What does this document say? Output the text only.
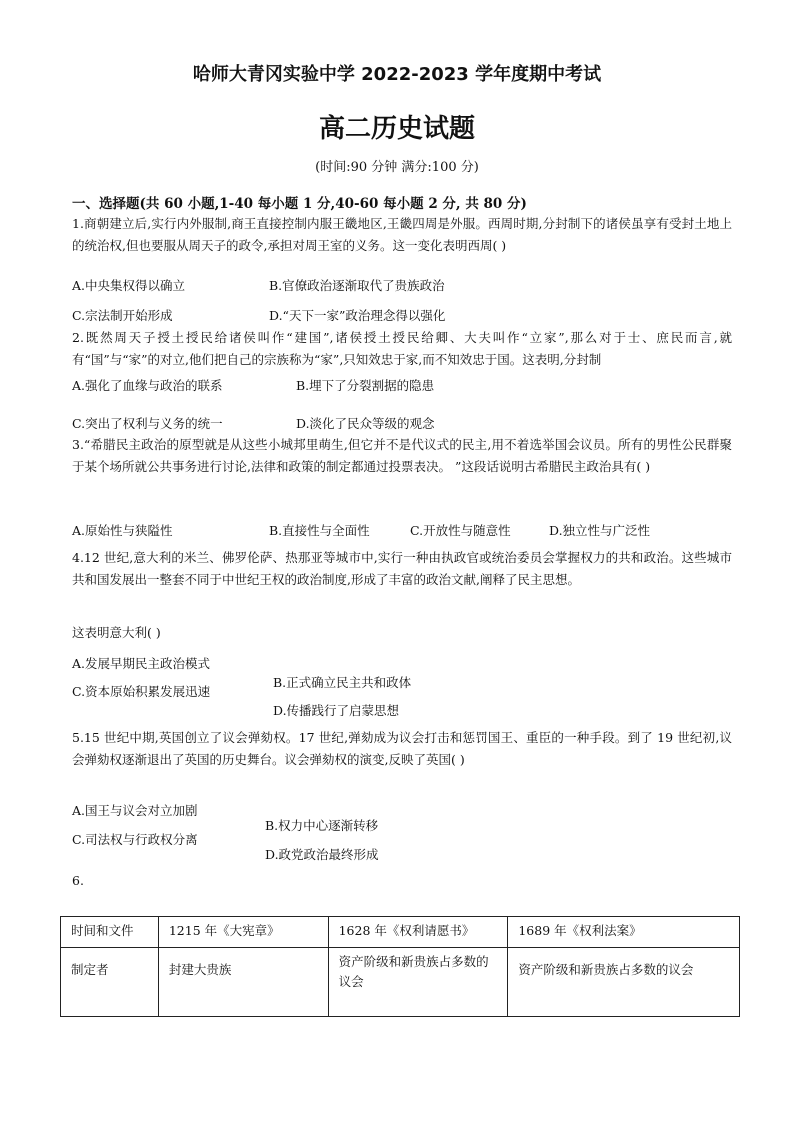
哈师大青冈实验中学 2022-2023 学年度期中考试
高二历史试题
(时间:90 分钟 满分:100 分)
一、选择题(共 60 小题,1-40 每小题 1 分,40-60 每小题 2 分, 共 80 分)
1.商朝建立后,实行内外服制,商王直接控制内服王畿地区,王畿四周是外服。西周时期,分封制下的诸侯虽享有受封土地上的统治权,但也要服从周天子的政令,承担对周王室的义务。这一变化表明西周( )
A.中央集权得以确立	B.官僚政治逐渐取代了贵族政治
C.宗法制开始形成	D.“天下一家”政治理念得以强化
2.既然周天子授土授民给诸侯叫作“建国”,诸侯授土授民给卿、大夫叫作“立家”,那么对于士、庶民而言,就有“国”与“家”的对立,他们把自己的宗族称为“家”,只知效忠于家,而不知效忠于国。这表明,分封制
A.强化了血缘与政治的联系	B.埋下了分裂割据的隐患
C.突出了权利与义务的统一	D.淡化了民众等级的观念
3.“希腊民主政治的原型就是从这些小城邦里萌生,但它并不是代议式的民主,用不着选举国会议员。所有的男性公民群聚于某个场所就公共事务进行讨论,法律和政策的制定都通过投票表决。 ”这段话说明古希腊民主政治具有( )
A.原始性与狭隘性	B.直接性与全面性	C.开放性与随意性	D.独立性与广泛性
4.12 世纪,意大利的米兰、佛罗伦萨、热那亚等城市中,实行一种由执政官或统治委员会掌握权力的共和政治。这些城市共和国发展出一整套不同于中世纪王权的政治制度,形成了丰富的政治文献,阐释了民主思想。
这表明意大利( )
A.发展早期民主政治模式
C.资本原始积累发展迅速
B.正式确立民主共和政体
D.传播践行了启蒙思想
5.15 世纪中期,英国创立了议会弹劾权。17 世纪,弹劾成为议会打击和惩罚国王、重臣的一种手段。到了 19 世纪初,议会弹劾权逐渐退出了英国的历史舞台。议会弹劾权的演变,反映了英国( )
A.国王与议会对立加剧
C.司法权与行政权分离
B.权力中心逐渐转移
D.政党政治最终形成
6.
时间和文件	1215 年《大宪章》	1628 年《权利请愿书》	1689 年《权利法案》
制定者	封建大贵族	资产阶级和新贵族占多数的议会	资产阶级和新贵族占多数的议会
